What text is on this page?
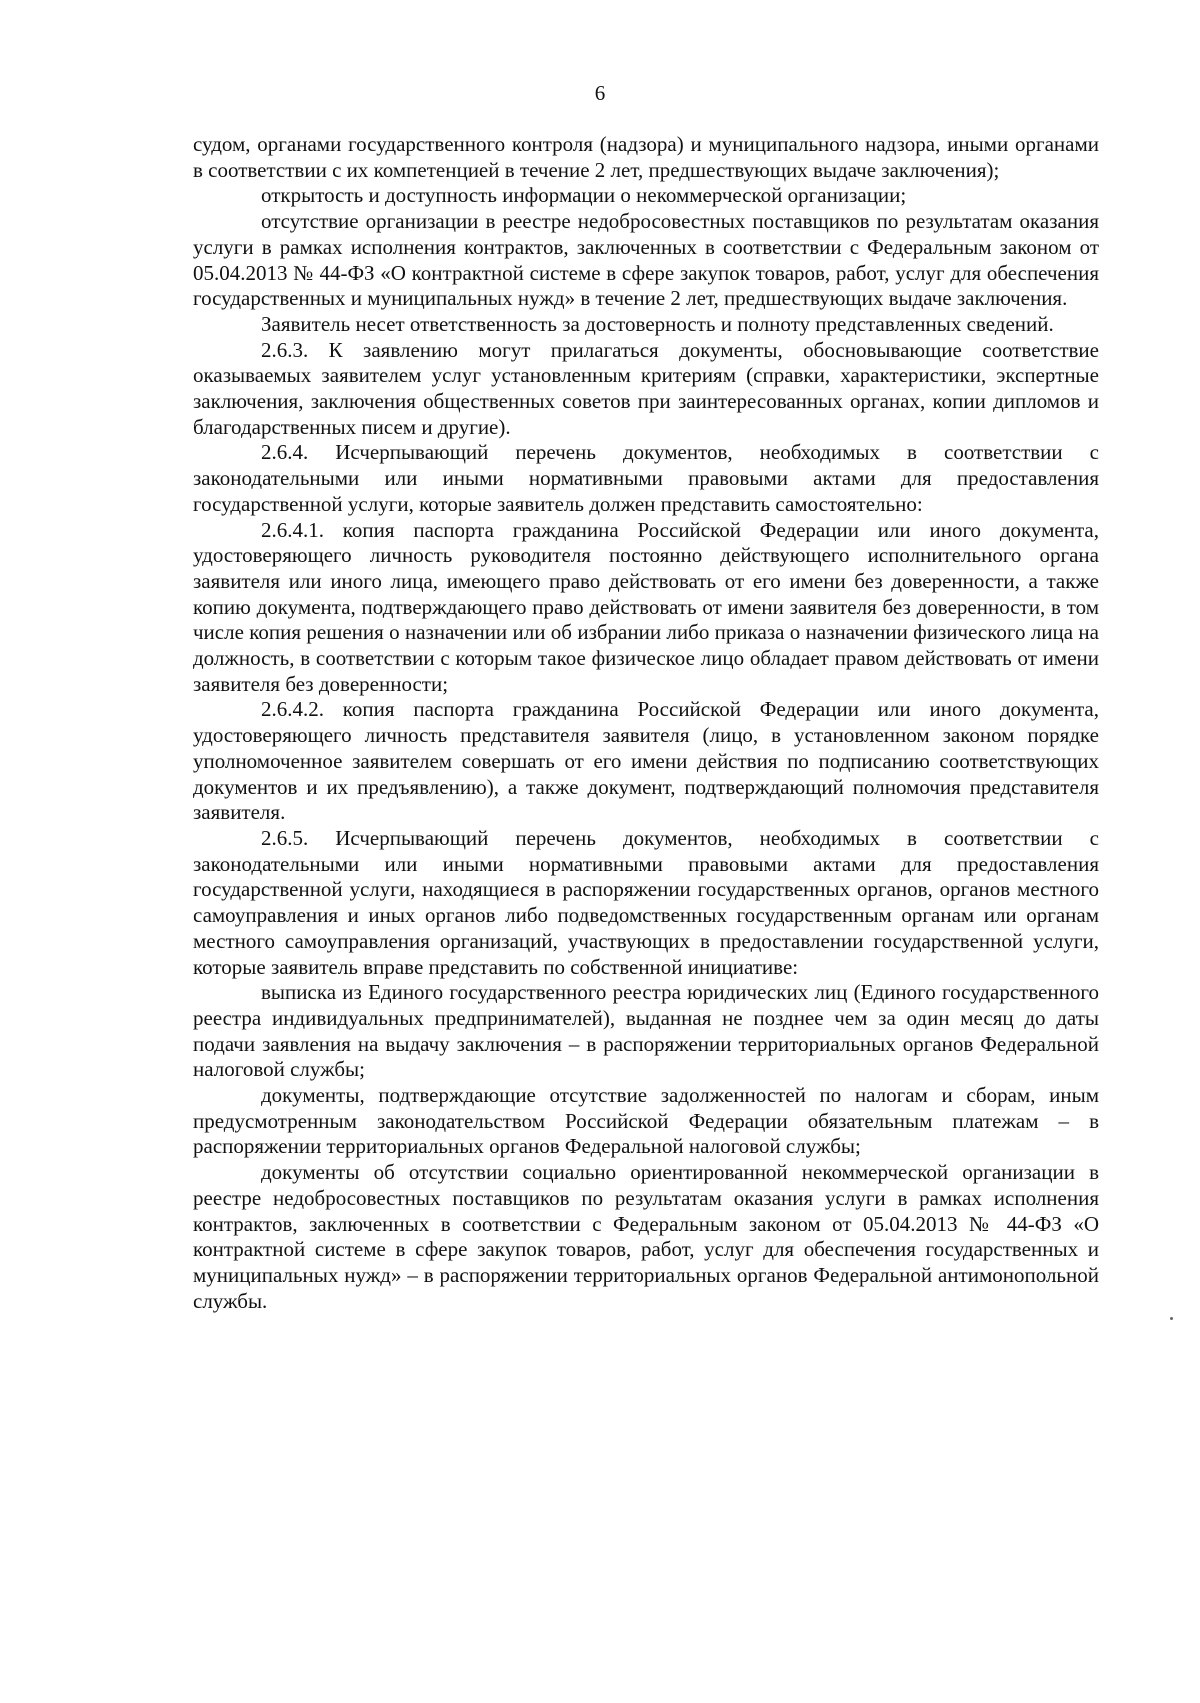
6

судом, органами государственного контроля (надзора) и муниципального надзора, иными органами в соответствии с их компетенцией в течение 2 лет, предшествующих выдаче заключения);

открытость и доступность информации о некоммерческой организации;

отсутствие организации в реестре недобросовестных поставщиков по результатам оказания услуги в рамках исполнения контрактов, заключенных в соответствии с Федеральным законом от 05.04.2013 № 44-ФЗ «О контрактной системе в сфере закупок товаров, работ, услуг для обеспечения государственных и муниципальных нужд» в течение 2 лет, предшествующих выдаче заключения.

Заявитель несет ответственность за достоверность и полноту представленных сведений.

2.6.3. К заявлению могут прилагаться документы, обосновывающие соответствие оказываемых заявителем услуг установленным критериям (справки, характеристики, экспертные заключения, заключения общественных советов при заинтересованных органах, копии дипломов и благодарственных писем и другие).

2.6.4. Исчерпывающий перечень документов, необходимых в соответствии с законодательными или иными нормативными правовыми актами для предоставления государственной услуги, которые заявитель должен представить самостоятельно:

2.6.4.1. копия паспорта гражданина Российской Федерации или иного документа, удостоверяющего личность руководителя постоянно действующего исполнительного органа заявителя или иного лица, имеющего право действовать от его имени без доверенности, а также копию документа, подтверждающего право действовать от имени заявителя без доверенности, в том числе копия решения о назначении или об избрании либо приказа о назначении физического лица на должность, в соответствии с которым такое физическое лицо обладает правом действовать от имени заявителя без доверенности;

2.6.4.2. копия паспорта гражданина Российской Федерации или иного документа, удостоверяющего личность представителя заявителя (лицо, в установленном законом порядке уполномоченное заявителем совершать от его имени действия по подписанию соответствующих документов и их предъявлению), а также документ, подтверждающий полномочия представителя заявителя.

2.6.5. Исчерпывающий перечень документов, необходимых в соответствии с законодательными или иными нормативными правовыми актами для предоставления государственной услуги, находящиеся в распоряжении государственных органов, органов местного самоуправления и иных органов либо подведомственных государственным органам или органам местного самоуправления организаций, участвующих в предоставлении государственной услуги, которые заявитель вправе представить по собственной инициативе:

выписка из Единого государственного реестра юридических лиц (Единого государственного реестра индивидуальных предпринимателей), выданная не позднее чем за один месяц до даты подачи заявления на выдачу заключения – в распоряжении территориальных органов Федеральной налоговой службы;

документы, подтверждающие отсутствие задолженностей по налогам и сборам, иным предусмотренным законодательством Российской Федерации обязательным платежам – в распоряжении территориальных органов Федеральной налоговой службы;

документы об отсутствии социально ориентированной некоммерческой организации в реестре недобросовестных поставщиков по результатам оказания услуги в рамках исполнения контрактов, заключенных в соответствии с Федеральным законом от 05.04.2013 № 44-ФЗ «О контрактной системе в сфере закупок товаров, работ, услуг для обеспечения государственных и муниципальных нужд» – в распоряжении территориальных органов Федеральной антимонопольной службы.
